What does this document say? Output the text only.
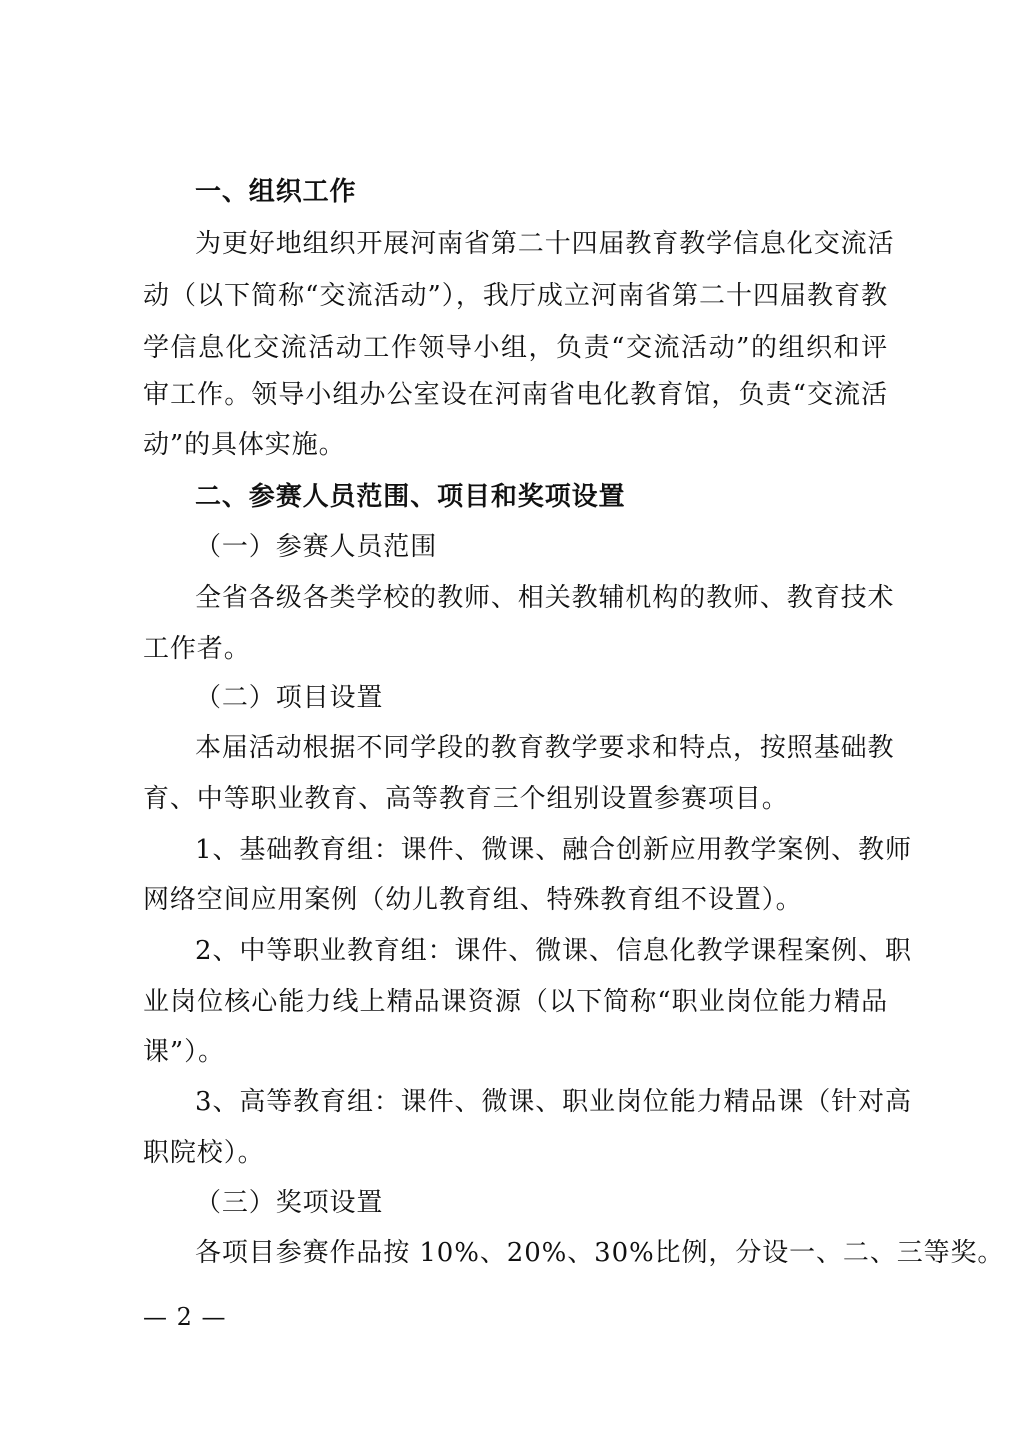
一、组织工作
为更好地组织开展河南省第二十四届教育教学信息化交流活
动（以下简称“交流活动”），我厅成立河南省第二十四届教育教
学信息化交流活动工作领导小组，负责“交流活动”的组织和评
审工作。领导小组办公室设在河南省电化教育馆，负责“交流活
动”的具体实施。
二、参赛人员范围、项目和奖项设置
（一）参赛人员范围
全省各级各类学校的教师、相关教辅机构的教师、教育技术
工作者。
（二）项目设置
本届活动根据不同学段的教育教学要求和特点，按照基础教
育、中等职业教育、高等教育三个组别设置参赛项目。
1、基础教育组：课件、微课、融合创新应用教学案例、教师
网络空间应用案例（幼儿教育组、特殊教育组不设置）。
2、中等职业教育组：课件、微课、信息化教学课程案例、职
业岗位核心能力线上精品课资源（以下简称“职业岗位能力精品
课”）。
3、高等教育组：课件、微课、职业岗位能力精品课（针对高
职院校）。
（三）奖项设置
各项目参赛作品按 10%、20%、30%比例，分设一、二、三等奖。
— 2 —
